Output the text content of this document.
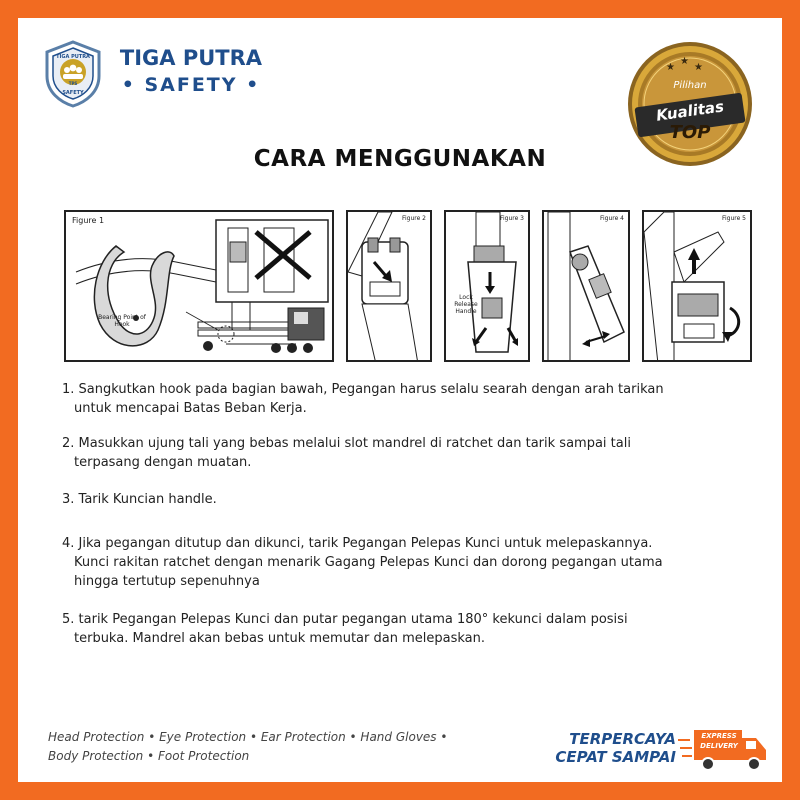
TIGA PUTRA
TPS
SAFETY
TIGA PUTRA
• SAFETY •
★
★
★
Pilihan
Kualitas
TOP
CARA MENGGUNAKAN
Figure 1
Bearing Point of Hook
Figure 2	Figure 3
Lock Release Handle
Figure 4	Figure 5
1. Sangkutkan hook pada bagian bawah, Pegangan harus selalu searah dengan arah tarikan
untuk mencapai Batas Beban Kerja.
2. Masukkan ujung tali yang bebas melalui slot mandrel di ratchet dan tarik sampai tali
terpasang dengan muatan.
3. Tarik Kuncian handle.
4. Jika pegangan ditutup dan dikunci, tarik Pegangan Pelepas Kunci untuk melepaskannya.
Kunci rakitan ratchet dengan menarik Gagang Pelepas Kunci dan dorong pegangan utama
hingga tertutup sepenuhnya
5. tarik Pegangan Pelepas Kunci dan putar pegangan utama 180° kekunci dalam posisi
terbuka. Mandrel akan bebas untuk memutar dan melepaskan.
Head Protection • Eye Protection • Ear Protection • Hand Gloves •
Body Protection • Foot Protection
TERPERCAYA
CEPAT SAMPAI
EXPRESS
DELIVERY
